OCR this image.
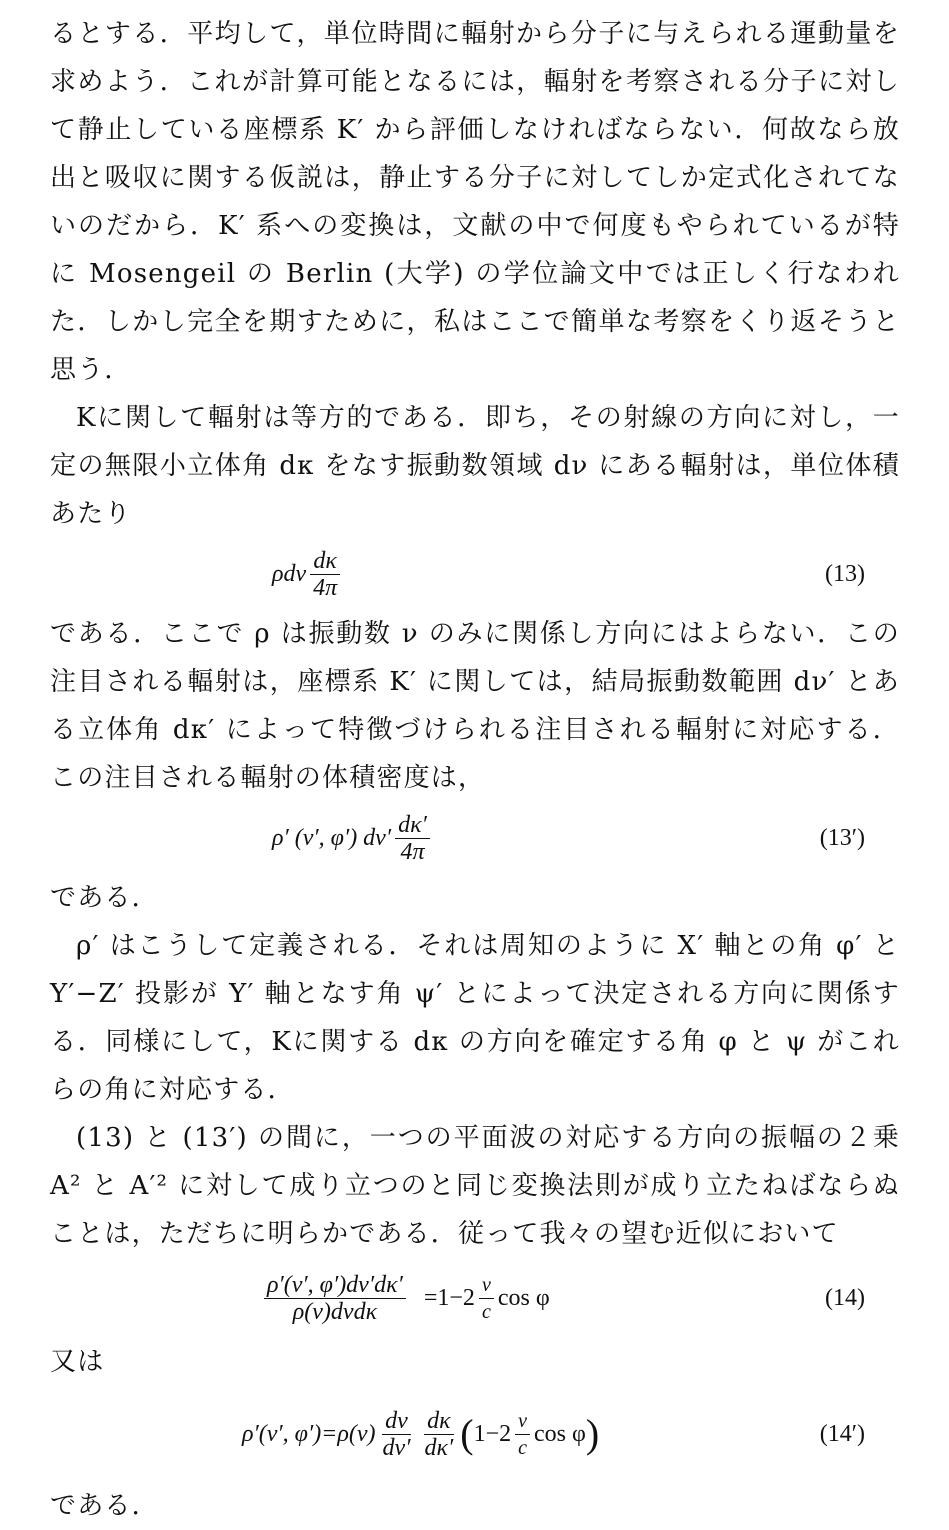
るとする．平均して，単位時間に輻射から分子に与えられる運動量を求めよう．これが計算可能となるには，輻射を考察される分子に対して静止している座標系 K′ から評価しなければならない．何故なら放出と吸収に関する仮説は，静止する分子に対してしか定式化されてないのだから．K′ 系への変換は，文献の中で何度もやられているが特に Mosengeil の Berlin (大学) の学位論文中では正しく行なわれた．しかし完全を期すために，私はここで簡単な考察をくり返そうと思う．

Kに関して輻射は等方的である．即ち，その射線の方向に対し，一定の無限小立体角 dκ をなす振動数領域 dν にある輻射は，単位体積あたり

ρdν $\frac{d\kappa}{4\pi}$	(13)

である．ここで ρ は振動数 ν のみに関係し方向にはよらない．この注目される輻射は，座標系 K′ に関しては，結局振動数範囲 dν′ とある立体角 dκ′ によって特徴づけられる注目される輻射に対応する．この注目される輻射の体積密度は，

ρ′ (ν′, φ′) $d\nu' \frac{d\kappa'}{4\pi}$	(13′)

である．

ρ′ はこうして定義される．それは周知のように X′ 軸との角 φ′ と Y′−Z′ 投影が Y′ 軸となす角 ψ′ とによって決定される方向に関係する．同様にして，Kに関する dκ の方向を確定する角 φ と ψ がこれらの角に対応する．

(13) と (13′) の間に，一つの平面波の対応する方向の振幅の２乗 A² と A′² に対して成り立つのと同じ変換法則が成り立たねばならぬことは，ただちに明らかである．従って我々の望む近似において

$\frac{\rho'(\nu', \varphi')d\nu'd\kappa'}{\text{ρ(ν)dνdκ}} =1-2 \frac{v}{c}$ cos φ	(14)

又は

ρ′(ν′, $\varphi')=\rho(\nu) \frac{d\nu}{d\nu'} \frac{d\kappa}{d\kappa'}$ ( $1-2 \frac{v}{c}$ cos φ )	(14′)

である．
